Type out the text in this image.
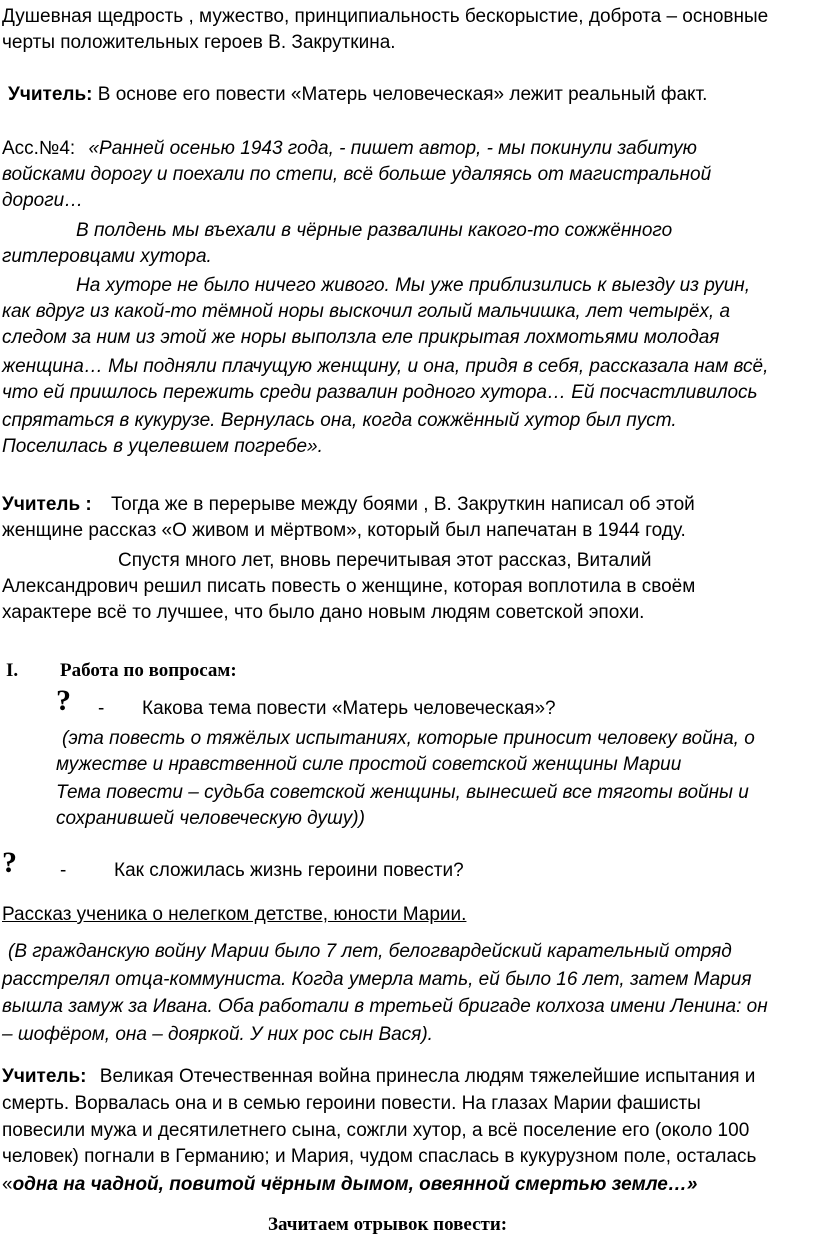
Душевная щедрость , мужество, принципиальность бескорыстие, доброта – основные
черты положительных героев В. Закруткина.
Учитель: В основе его повести «Матерь человеческая» лежит реальный факт.
Асс.№4: «Ранней осенью 1943 года, - пишет автор, - мы покинули забитую
войсками дорогу и поехали по степи, всё больше удаляясь от магистральной
дороги…
В полдень мы въехали в чёрные развалины какого-то сожжённого
гитлеровцами хутора.
На хуторе не было ничего живого. Мы уже приблизились к выезду из руин,
как вдруг из какой-то тёмной норы выскочил голый мальчишка, лет четырёх, а
следом за ним из этой же норы выползла еле прикрытая лохмотьями молодая
женщина… Мы подняли плачущую женщину, и она, придя в себя, рассказала нам всё,
что ей пришлось пережить среди развалин родного хутора… Ей посчастливилось
спрятаться в кукурузе. Вернулась она, когда сожжённый хутор был пуст.
Поселилась в уцелевшем погребе».
Учитель : Тогда же в перерыве между боями , В. Закруткин написал об этой
женщине рассказ «О живом и мёртвом», который был напечатан в 1944 году.
Спустя много лет, вновь перечитывая этот рассказ, Виталий
Александрович решил писать повесть о женщине, которая воплотила в своём
характере всё то лучшее, что было дано новым людям советской эпохи.
I. Работа по вопросам:
? - Какова тема повести «Матерь человеческая»?
(эта повесть о тяжёлых испытаниях, которые приносит человеку война, о
мужестве и нравственной силе простой советской женщины Марии
Тема повести – судьба советской женщины, вынесшей все тяготы войны и
сохранившей человеческую душу))
? -	Как сложилась жизнь героини повести?
Рассказ ученика о нелегком детстве, юности Марии.
(В гражданскую войну Марии было 7 лет, белогвардейский карательный отряд
расстрелял отца-коммуниста. Когда умерла мать, ей было 16 лет, затем Мария
вышла замуж за Ивана. Оба работали в третьей бригаде колхоза имени Ленина: он
– шофёром, она – дояркой. У них рос сын Вася).
Учитель: Великая Отечественная война принесла людям тяжелейшие испытания и
смерть. Ворвалась она и в семью героини повести. На глазах Марии фашисты
повесили мужа и десятилетнего сына, сожгли хутор, а всё поселение его (около 100
человек) погнали в Германию; и Мария, чудом спаслась в кукурузном поле, осталась
«одна на чадной, повитой чёрным дымом, овеянной смертью земле…»
Зачитаем отрывок повести:
